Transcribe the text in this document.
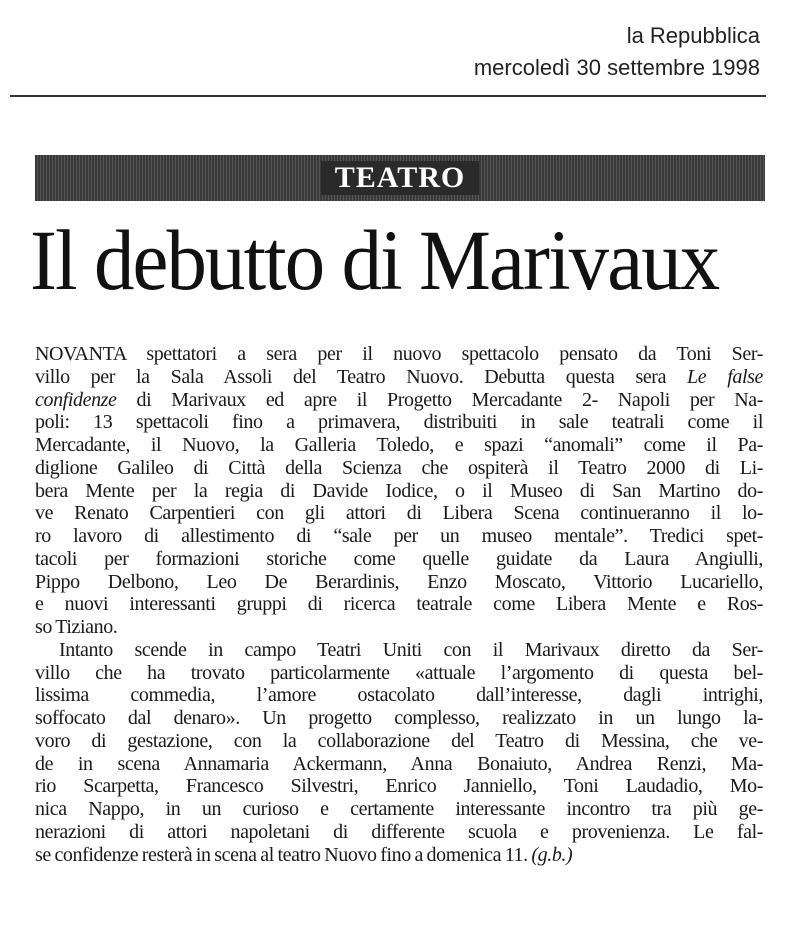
la Repubblica
mercoledì 30 settembre 1998
TEATRO
Il debutto di Marivaux
NOVANTA spettatori a sera per il nuovo spettacolo pensato da Toni Ser-
villo per la Sala Assoli del Teatro Nuovo. Debutta questa sera Le false
confidenze di Marivaux ed apre il Progetto Mercadante 2- Napoli per Na-
poli: 13 spettacoli fino a primavera, distribuiti in sale teatrali come il
Mercadante, il Nuovo, la Galleria Toledo, e spazi “anomali” come il Pa-
diglione Galileo di Città della Scienza che ospiterà il Teatro 2000 di Li-
bera Mente per la regia di Davide Iodice, o il Museo di San Martino do-
ve Renato Carpentieri con gli attori di Libera Scena continueranno il lo-
ro lavoro di allestimento di “sale per un museo mentale”. Tredici spet-
tacoli per formazioni storiche come quelle guidate da Laura Angiulli,
Pippo Delbono, Leo De Berardinis, Enzo Moscato, Vittorio Lucariello,
e nuovi interessanti gruppi di ricerca teatrale come Libera Mente e Ros-
so Tiziano.
Intanto scende in campo Teatri Uniti con il Marivaux diretto da Ser-
villo che ha trovato particolarmente «attuale l’argomento di questa bel-
lissima commedia, l’amore ostacolato dall’interesse, dagli intrighi,
soffocato dal denaro». Un progetto complesso, realizzato in un lungo la-
voro di gestazione, con la collaborazione del Teatro di Messina, che ve-
de in scena Annamaria Ackermann, Anna Bonaiuto, Andrea Renzi, Ma-
rio Scarpetta, Francesco Silvestri, Enrico Janniello, Toni Laudadio, Mo-
nica Nappo, in un curioso e certamente interessante incontro tra più ge-
nerazioni di attori napoletani di differente scuola e provenienza. Le fal-
se confidenze resterà in scena al teatro Nuovo fino a domenica 11. (g.b.)
